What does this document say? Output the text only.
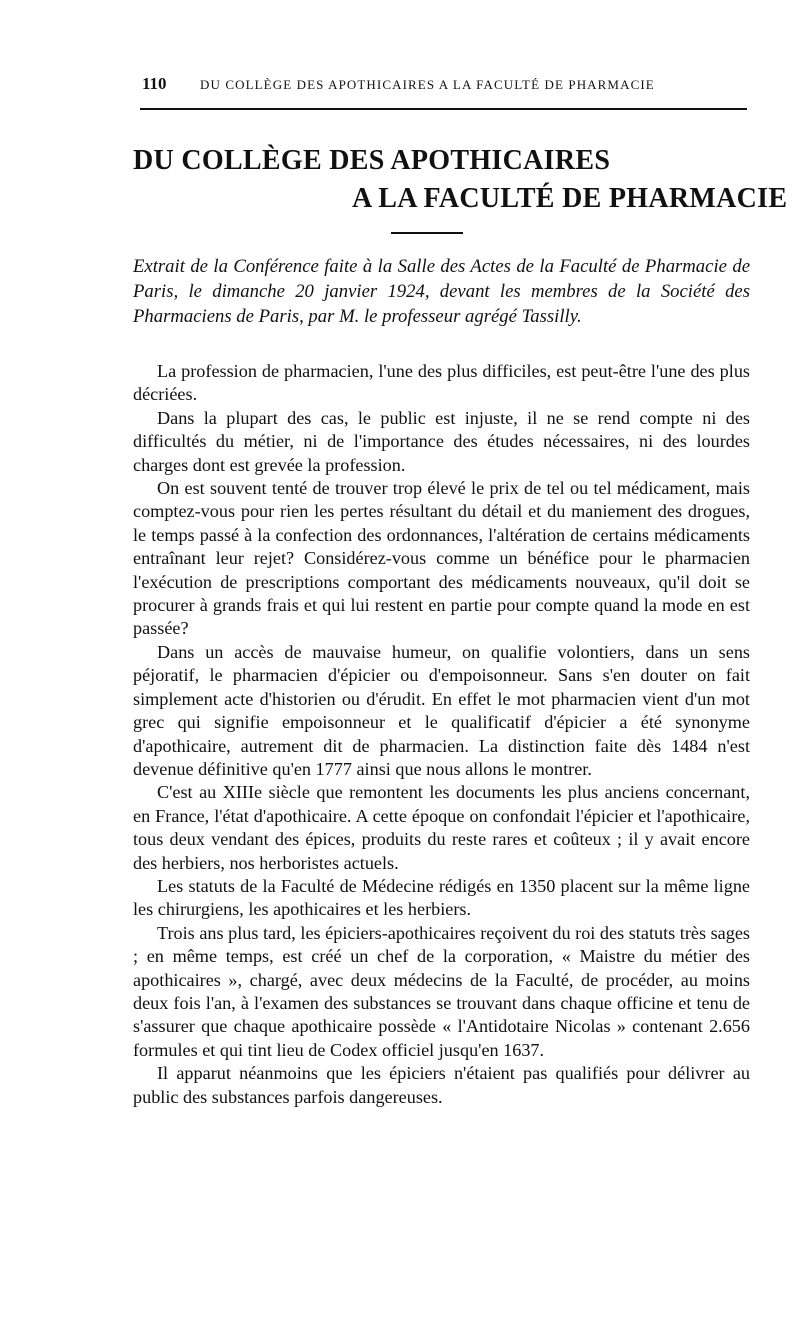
110	DU COLLÈGE DES APOTHICAIRES A LA FACULTÉ DE PHARMACIE
DU COLLÈGE DES APOTHICAIRES
A LA FACULTÉ DE PHARMACIE
Extrait de la Conférence faite à la Salle des Actes de la Faculté de Pharmacie de Paris, le dimanche 20 janvier 1924, devant les membres de la Société des Pharmaciens de Paris, par M. le professeur agrégé Tassilly.

La profession de pharmacien, l'une des plus difficiles, est peut-être l'une des plus décriées.

Dans la plupart des cas, le public est injuste, il ne se rend compte ni des difficultés du métier, ni de l'importance des études nécessaires, ni des lourdes charges dont est grevée la profession.

On est souvent tenté de trouver trop élevé le prix de tel ou tel médicament, mais comptez-vous pour rien les pertes résultant du détail et du maniement des drogues, le temps passé à la confection des ordonnances, l'altération de certains médicaments entraînant leur rejet? Considérez-vous comme un bénéfice pour le pharmacien l'exécution de prescriptions comportant des médicaments nouveaux, qu'il doit se procurer à grands frais et qui lui restent en partie pour compte quand la mode en est passée?

Dans un accès de mauvaise humeur, on qualifie volontiers, dans un sens péjoratif, le pharmacien d'épicier ou d'empoisonneur. Sans s'en douter on fait simplement acte d'historien ou d'érudit. En effet le mot pharmacien vient d'un mot grec qui signifie empoisonneur et le qualificatif d'épicier a été synonyme d'apothicaire, autrement dit de pharmacien. La distinction faite dès 1484 n'est devenue définitive qu'en 1777 ainsi que nous allons le montrer.

C'est au XIIIe siècle que remontent les documents les plus anciens concernant, en France, l'état d'apothicaire. A cette époque on confondait l'épicier et l'apothicaire, tous deux vendant des épices, produits du reste rares et coûteux ; il y avait encore des herbiers, nos herboristes actuels.

Les statuts de la Faculté de Médecine rédigés en 1350 placent sur la même ligne les chirurgiens, les apothicaires et les herbiers.

Trois ans plus tard, les épiciers-apothicaires reçoivent du roi des statuts très sages ; en même temps, est créé un chef de la corporation, « Maistre du métier des apothicaires », chargé, avec deux médecins de la Faculté, de procéder, au moins deux fois l'an, à l'examen des substances se trouvant dans chaque officine et tenu de s'assurer que chaque apothicaire possède « l'Antidotaire Nicolas » contenant 2.656 formules et qui tint lieu de Codex officiel jusqu'en 1637.

Il apparut néanmoins que les épiciers n'étaient pas qualifiés pour délivrer au public des substances parfois dangereuses.
